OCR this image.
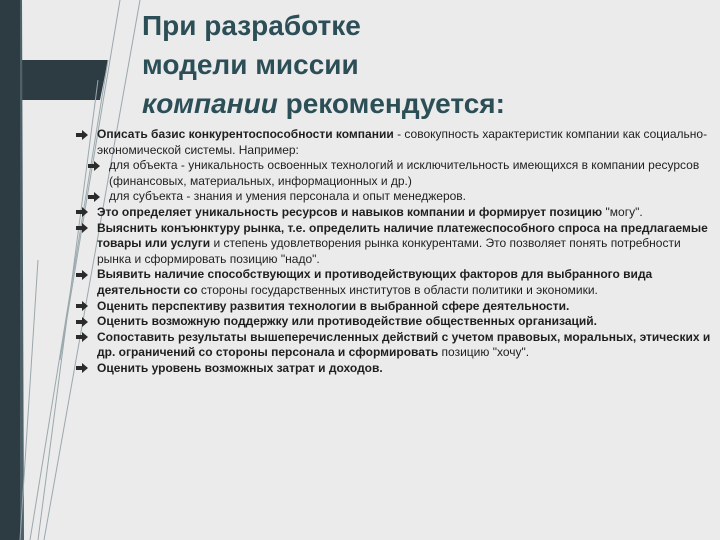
При разработке
модели миссии
компании рекомендуется:
Описать базис конкурентоспособности компании - совокупность характеристик компании как социально-экономической системы. Например:
для объекта - уникальность освоенных технологий и исключительность имеющихся в компании ресурсов (финансовых, материальных, информационных и др.)
для субъекта - знания и умения персонала и опыт менеджеров.
Это определяет уникальность ресурсов и навыков компании и формирует позицию "могу".
Выяснить конъюнктуру рынка, т.е. определить наличие платежеспособного спроса на предлагаемые товары или услуги и степень удовлетворения рынка конкурентами. Это позволяет понять потребности рынка и сформировать позицию "надо".
Выявить наличие способствующих и противодействующих факторов для выбранного вида деятельности со стороны государственных институтов в области политики и экономики.
Оценить перспективу развития технологии в выбранной сфере деятельности.
Оценить возможную поддержку или противодействие общественных организаций.
Сопоставить результаты вышеперечисленных действий с учетом правовых, моральных, этических и др. ограничений со стороны персонала и сформировать позицию "хочу".
Оценить уровень возможных затрат и доходов.
